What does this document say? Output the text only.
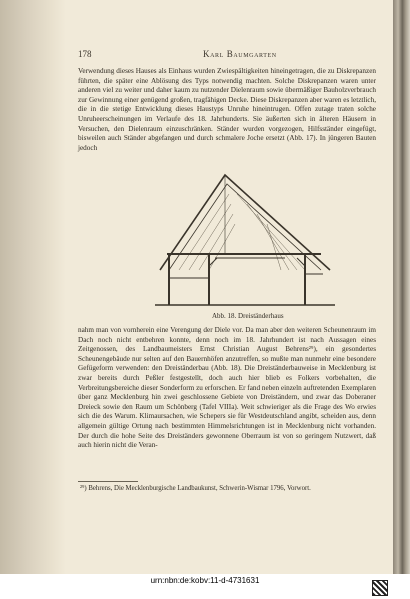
178	Karl Baumgarten

Verwendung dieses Hauses als Einhaus wurden Zwiespältigkeiten hineingetragen, die zu Diskrepanzen führten, die später eine Ablösung des Typs notwendig machten. Solche Diskrepanzen waren unter anderen viel zu weiter und daher kaum zu nutzender Dielenraum sowie übermäßiger Bauholzverbrauch zur Gewinnung einer genügend großen, tragfähigen Decke. Diese Diskrepanzen aber waren es letztlich, die in die stetige Entwicklung dieses Haustyps Unruhe hineintrugen. Offen zutage traten solche Unruheerscheinungen im Verlaufe des 18. Jahrhunderts. Sie äußerten sich in älteren Häusern in Versuchen, den Dielenraum einzuschränken. Ständer wurden vorgezogen, Hilfsständer eingefügt, bisweilen auch Ständer abgefangen und durch schmalere Joche ersetzt (Abb. 17). In jüngeren Bauten jedoch

Abb. 18. Dreiständerhaus

nahm man von vornherein eine Verengung der Diele vor. Da man aber den weiteren Scheunenraum im Dach noch nicht entbehren konnte, denn noch im 18. Jahrhundert ist nach Aussagen eines Zeitgenossen, des Landbaumeisters Ernst Christian August Behrens²⁹), ein gesondertes Scheunengebäude nur selten auf den Bauernhöfen anzutreffen, so mußte man nunmehr eine besondere Gefügeform verwenden: den Dreiständerbau (Abb. 18). Die Dreiständerbauweise in Mecklenburg ist zwar bereits durch Peßler festgestellt, doch auch hier blieb es Folkers vorbehalten, die Verbreitungsbereiche dieser Sonderform zu erforschen. Er fand neben einzeln auftretenden Exemplaren über ganz Mecklenburg hin zwei geschlossene Gebiete von Dreiständern, und zwar das Doberaner Dreieck sowie den Raum um Schönberg (Tafel VIIIa). Weit schwieriger als die Frage des Wo erwies sich die des Warum. Klimaursachen, wie Schepers sie für Westdeutschland angibt, scheiden aus, denn allgemein gültige Ortung nach bestimmten Himmelsrichtungen ist in Mecklenburg nicht vorhanden. Der durch die hohe Seite des Dreiständers gewonnene Oberraum ist von so geringem Nutzwert, daß auch hierin nicht die Veran-

²⁹) Behrens, Die Mecklenburgische Landbaukunst, Schwerin-Wismar 1796, Vorwort.
urn:nbn:de:kobv:11-d-4731631
